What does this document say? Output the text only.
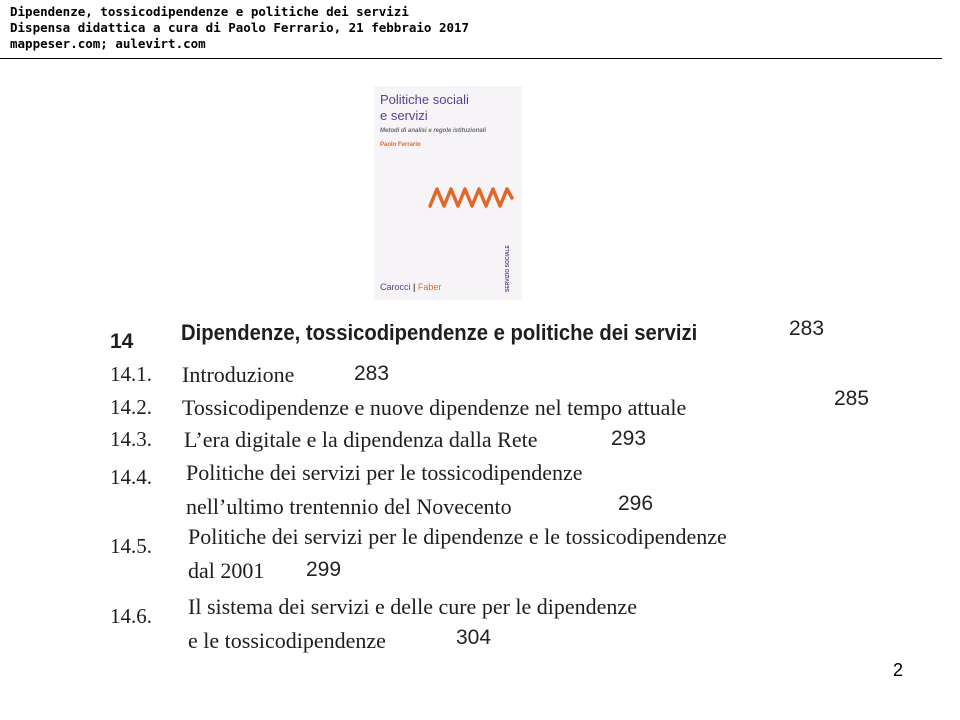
Dipendenze, tossicodipendenze e politiche dei servizi
Dispensa didattica a cura di Paolo Ferrario, 21 febbraio 2017
mappeser.com; aulevirt.com
Politiche sociali
e servizi
Metodi di analisi e regole istituzionali
Paolo Ferrario
Carocci | Faber	SERVIZIO SOCIALE
14 Dipendenze, tossicodipendenze e politiche dei servizi	283
14.1. Introduzione	283
14.2. Tossicodipendenze e nuove dipendenze nel tempo attuale	285
14.3. L’era digitale e la dipendenza dalla Rete	293
14.4. Politiche dei servizi per le tossicodipendenze
nell’ultimo trentennio del Novecento	296
14.5. Politiche dei servizi per le dipendenze e le tossicodipendenze
dal 2001 299
14.6. Il sistema dei servizi e delle cure per le dipendenze
e le tossicodipendenze	304
2
